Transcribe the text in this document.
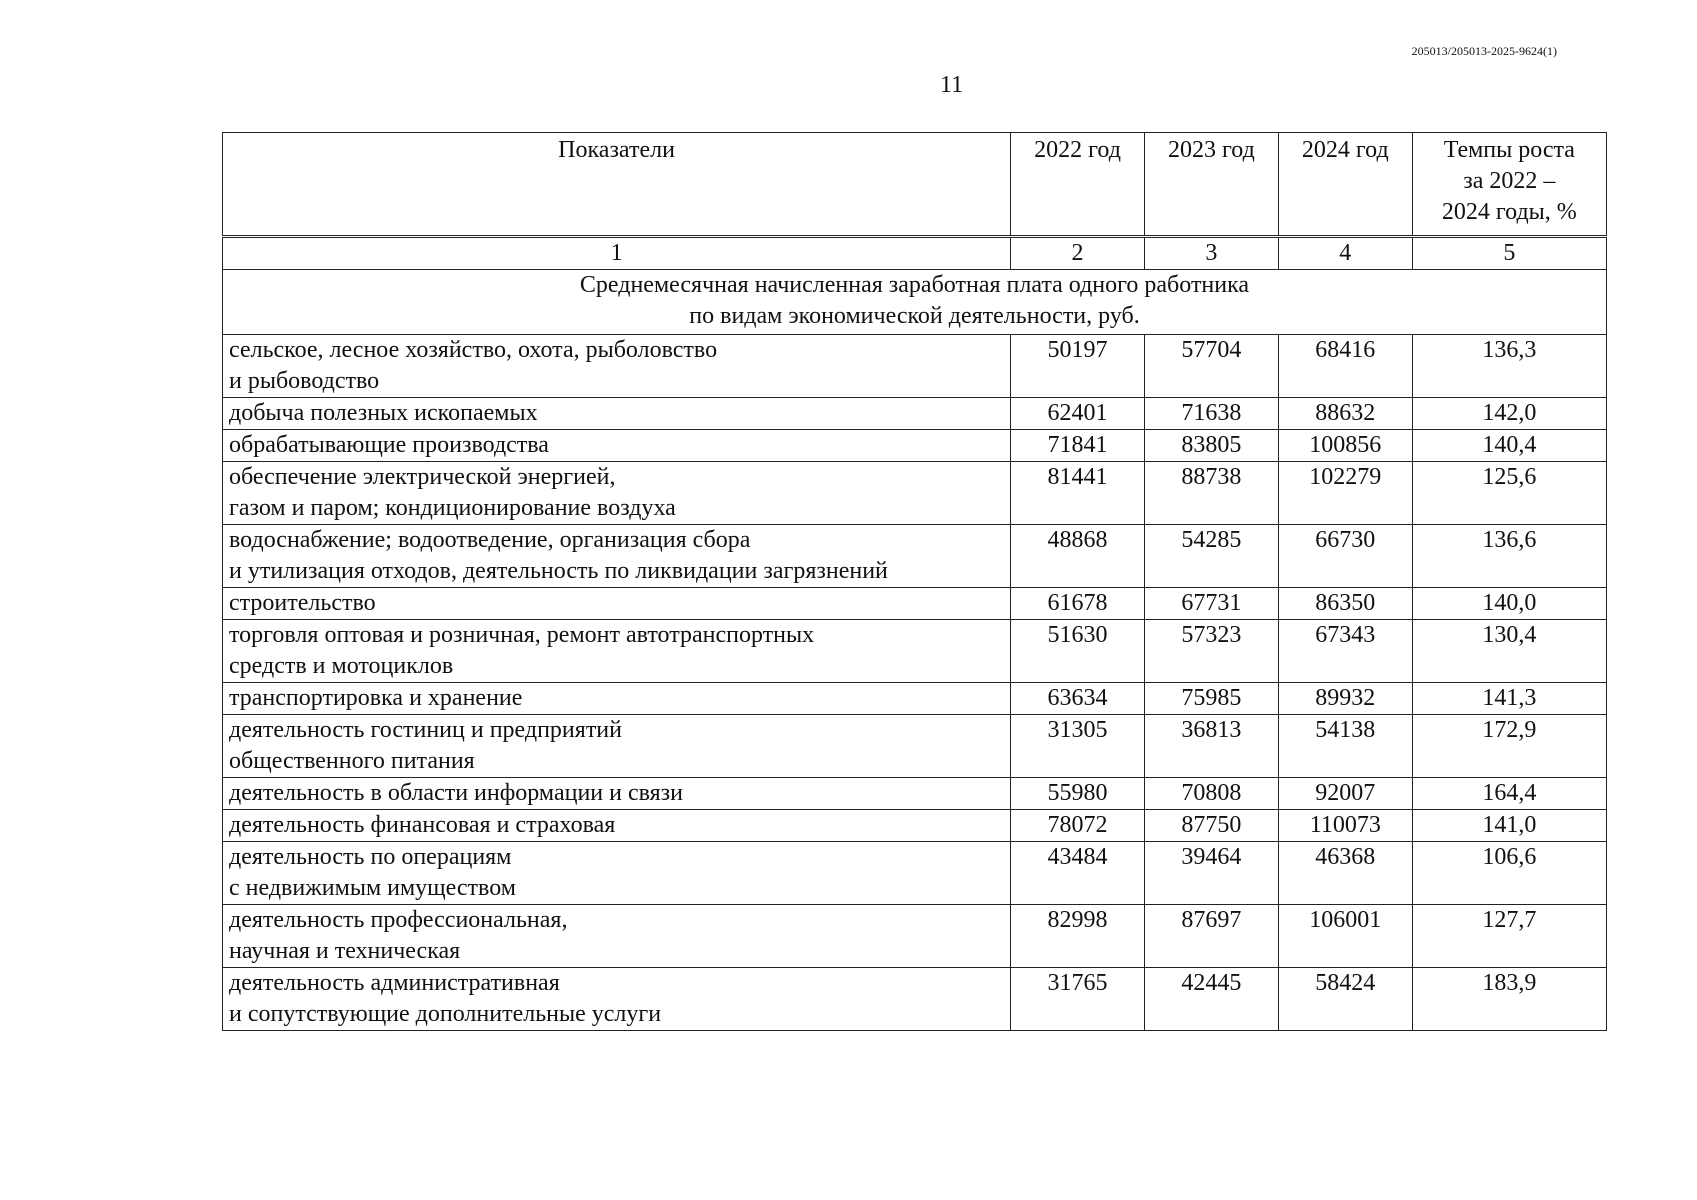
205013/205013-2025-9624(1)
11
Показатели	2022 год	2023 год	2024 год	Темпы роста
за 2022 –
2024 годы, %

1	2	3	4	5

Среднемесячная начисленная заработная плата одного работника
по видам экономической деятельности, руб.				

сельское, лесное хозяйство, охота, рыболовство
и рыбоводство	50197	57704	68416	136,3

добыча полезных ископаемых	62401	71638	88632	142,0

обрабатывающие производства	71841	83805	100856	140,4

обеспечение электрической энергией,
газом и паром; кондиционирование воздуха	81441	88738	102279	125,6

водоснабжение; водоотведение, организация сбора
и утилизация отходов, деятельность по ликвидации загрязнений	48868	54285	66730	136,6

строительство	61678	67731	86350	140,0

торговля оптовая и розничная, ремонт автотранспортных
средств и мотоциклов	51630	57323	67343	130,4

транспортировка и хранение	63634	75985	89932	141,3

деятельность гостиниц и предприятий
общественного питания	31305	36813	54138	172,9

деятельность в области информации и связи	55980	70808	92007	164,4

деятельность финансовая и страховая	78072	87750	110073	141,0

деятельность по операциям
с недвижимым имуществом	43484	39464	46368	106,6

деятельность профессиональная,
научная и техническая	82998	87697	106001	127,7

деятельность административная
и сопутствующие дополнительные услуги	31765	42445	58424	183,9
